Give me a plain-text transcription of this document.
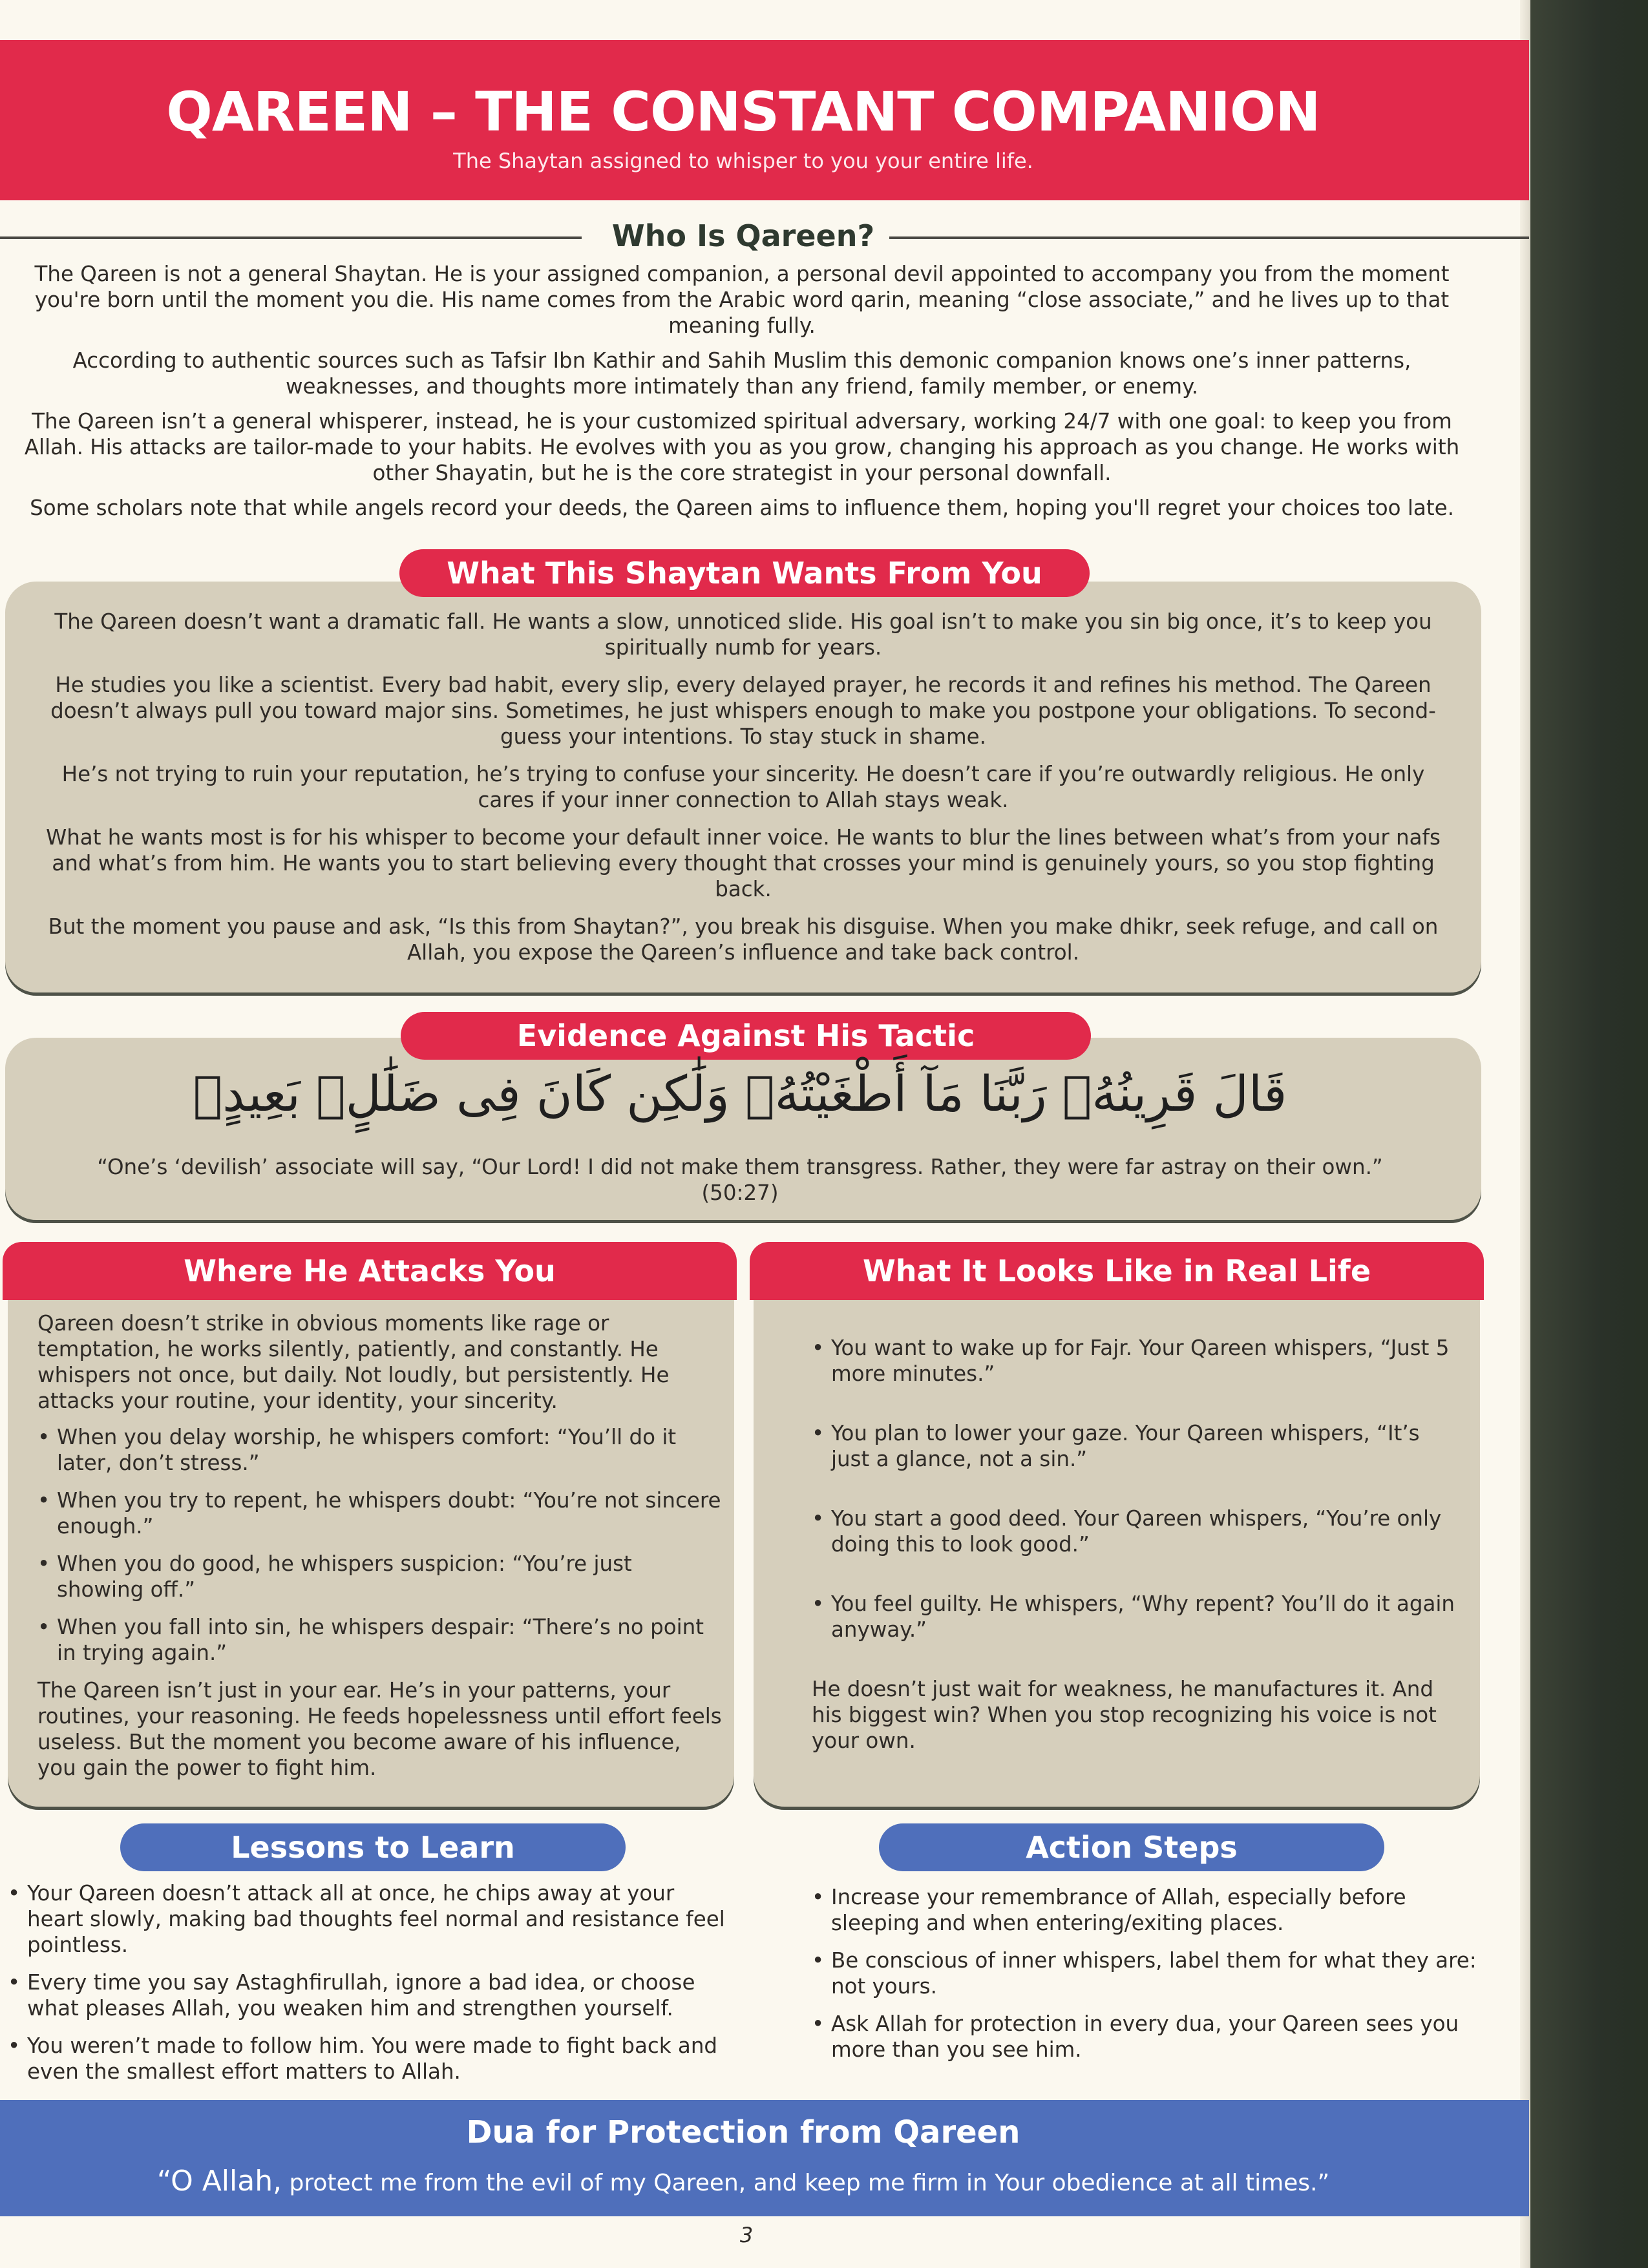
QAREEN – THE CONSTANT COMPANION
The Shaytan assigned to whisper to you your entire life.
Who Is Qareen?

The Qareen is not a general Shaytan. He is your assigned companion, a personal devil appointed to accompany you from the moment you're born until the moment you die. His name comes from the Arabic word qarin, meaning “close associate,” and he lives up to that meaning fully.

According to authentic sources such as Tafsir Ibn Kathir and Sahih Muslim this demonic companion knows one’s inner patterns, weaknesses, and thoughts more intimately than any friend, family member, or enemy.

The Qareen isn’t a general whisperer, instead, he is your customized spiritual adversary, working 24/7 with one goal: to keep you from Allah. His attacks are tailor-made to your habits. He evolves with you as you grow, changing his approach as you change. He works with other Shayatin, but he is the core strategist in your personal downfall.

Some scholars note that while angels record your deeds, the Qareen aims to influence them, hoping you'll regret your choices too late.

The Qareen doesn’t want a dramatic fall. He wants a slow, unnoticed slide. His goal isn’t to make you sin big once, it’s to keep you spiritually numb for years.

He studies you like a scientist. Every bad habit, every slip, every delayed prayer, he records it and refines his method. The Qareen doesn’t always pull you toward major sins. Sometimes, he just whispers enough to make you postpone your obligations. To second-guess your intentions. To stay stuck in shame.

He’s not trying to ruin your reputation, he’s trying to confuse your sincerity. He doesn’t care if you’re outwardly religious. He only cares if your inner connection to Allah stays weak.

What he wants most is for his whisper to become your default inner voice. He wants to blur the lines between what’s from your nafs and what’s from him. He wants you to start believing every thought that crosses your mind is genuinely yours, so you stop fighting back.

But the moment you pause and ask, “Is this from Shaytan?”, you break his disguise. When you make dhikr, seek refuge, and call on Allah, you expose the Qareen’s influence and take back control.

What This Shaytan Wants From You
Evidence Against His Tactic
قَالَ قَرِينُهُۥ رَبَّنَا مَآ أَطْغَيْتُهُۥ وَلَٰكِن كَانَ فِى ضَلَٰلٍۭ بَعِيدٍۢ
“One’s ‘devilish’ associate will say, “Our Lord! I did not make them transgress. Rather, they were far astray on their own.”
(50:27)

Qareen doesn’t strike in obvious moments like rage or temptation, he works silently, patiently, and constantly. He whispers not once, but daily. Not loudly, but persistently. He attacks your routine, your identity, your sincerity.

• When you delay worship, he whispers comfort: “You’ll do it later, don’t stress.”
• When you try to repent, he whispers doubt: “You’re not sincere enough.”
• When you do good, he whispers suspicion: “You’re just showing off.”
• When you fall into sin, he whispers despair: “There’s no point in trying again.”

The Qareen isn’t just in your ear. He’s in your patterns, your routines, your reasoning. He feeds hopelessness until effort feels useless. But the moment you become aware of his influence, you gain the power to fight him.

Where He Attacks You
• You want to wake up for Fajr. Your Qareen whispers, “Just 5 more minutes.”
• You plan to lower your gaze. Your Qareen whispers, “It’s just a glance, not a sin.”
• You start a good deed. Your Qareen whispers, “You’re only doing this to look good.”
• You feel guilty. He whispers, “Why repent? You’ll do it again anyway.”

He doesn’t just wait for weakness, he manufactures it. And his biggest win? When you stop recognizing his voice is not your own.

What It Looks Like in Real Life
Lessons to Learn
• Your Qareen doesn’t attack all at once, he chips away at your heart slowly, making bad thoughts feel normal and resistance feel pointless.
• Every time you say Astaghfirullah, ignore a bad idea, or choose what pleases Allah, you weaken him and strengthen yourself.
• You weren’t made to follow him. You were made to fight back and even the smallest effort matters to Allah.
Action Steps
• Increase your remembrance of Allah, especially before sleeping and when entering/exiting places.
• Be conscious of inner whispers, label them for what they are: not yours.
• Ask Allah for protection in every dua, your Qareen sees you more than you see him.
Dua for Protection from Qareen
“O Allah, protect me from the evil of my Qareen, and keep me firm in Your obedience at all times.”
3
